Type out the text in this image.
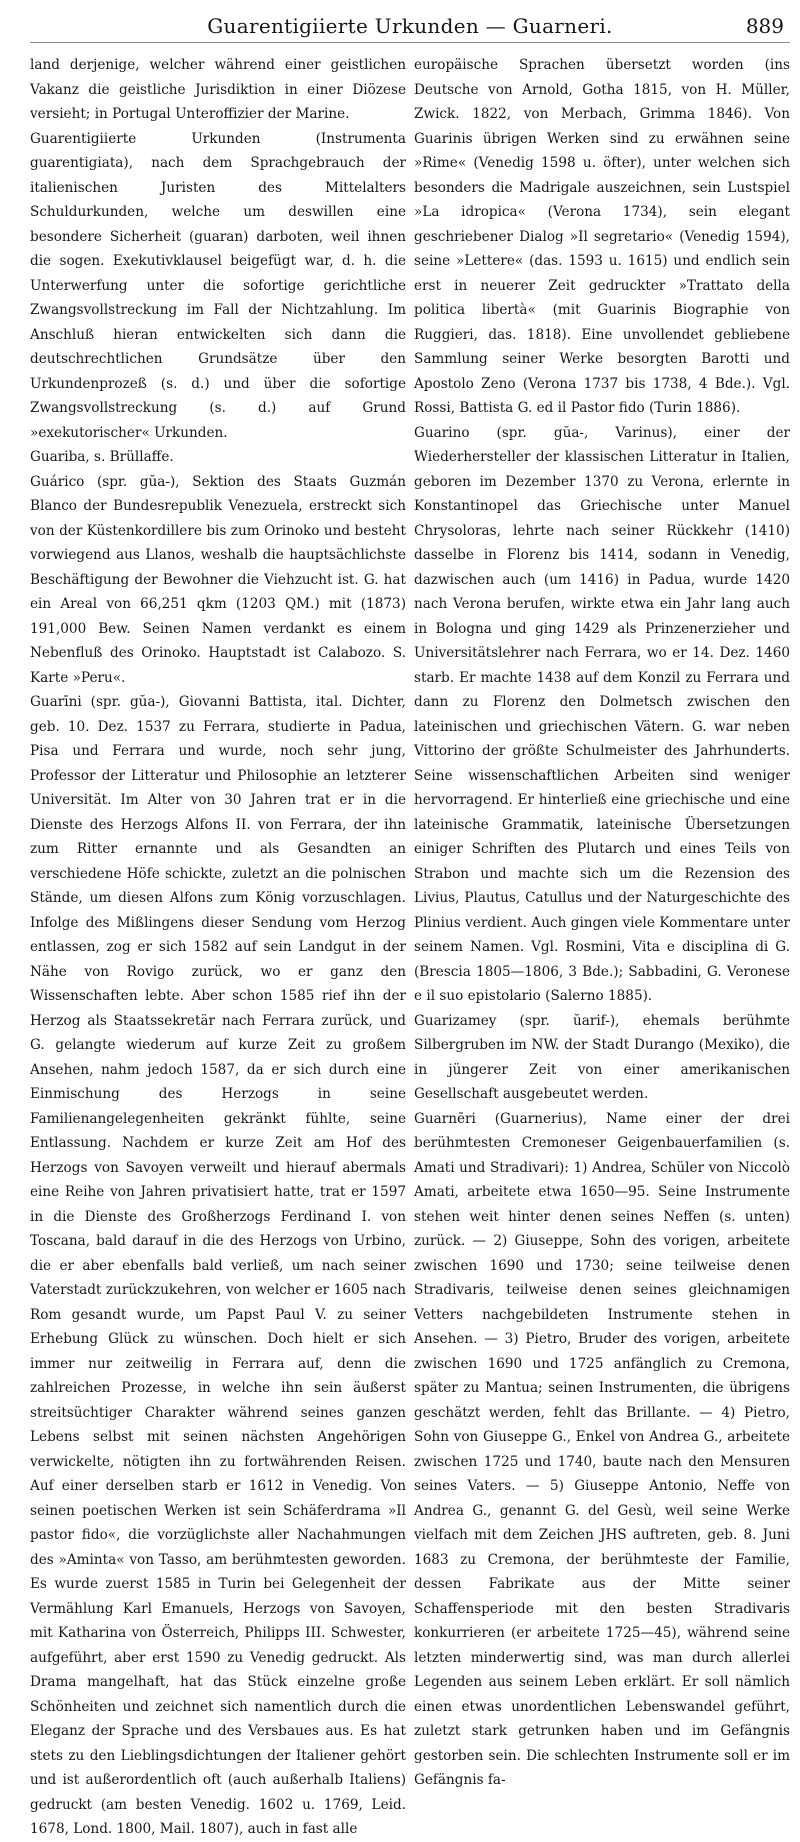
Guarentigiierte Urkunden — Guarneri.	889

land derjenige, welcher während einer geistlichen Vakanz die geistliche Jurisdiktion in einer Diözese versieht; in Portugal Unteroffizier der Marine.

Guarentigiierte Urkunden (Instrumenta guarentigiata), nach dem Sprachgebrauch der italienischen Juristen des Mittelalters Schuldurkunden, welche um deswillen eine besondere Sicherheit (guaran) darboten, weil ihnen die sogen. Exekutivklausel beigefügt war, d. h. die Unterwerfung unter die sofortige gerichtliche Zwangsvollstreckung im Fall der Nichtzahlung. Im Anschluß hieran entwickelten sich dann die deutschrechtlichen Grundsätze über den Urkundenprozeß (s. d.) und über die sofortige Zwangsvollstreckung (s. d.) auf Grund »exekutorischer« Urkunden.

Guariba, s. Brüllaffe.

Guárico (spr. gŭa-), Sektion des Staats Guzmán Blanco der Bundesrepublik Venezuela, erstreckt sich von der Küstenkordillere bis zum Orinoko und besteht vorwiegend aus Llanos, weshalb die hauptsächlichste Beschäftigung der Bewohner die Viehzucht ist. G. hat ein Areal von 66,251 qkm (1203 QM.) mit (1873) 191,000 Bew. Seinen Namen verdankt es einem Nebenfluß des Orinoko. Hauptstadt ist Calabozo. S. Karte »Peru«.

Guarīni (spr. gŭa-), Giovanni Battista, ital. Dichter, geb. 10. Dez. 1537 zu Ferrara, studierte in Padua, Pisa und Ferrara und wurde, noch sehr jung, Professor der Litteratur und Philosophie an letzterer Universität. Im Alter von 30 Jahren trat er in die Dienste des Herzogs Alfons II. von Ferrara, der ihn zum Ritter ernannte und als Gesandten an verschiedene Höfe schickte, zuletzt an die polnischen Stände, um diesen Alfons zum König vorzuschlagen. Infolge des Mißlingens dieser Sendung vom Herzog entlassen, zog er sich 1582 auf sein Landgut in der Nähe von Rovigo zurück, wo er ganz den Wissenschaften lebte. Aber schon 1585 rief ihn der Herzog als Staatssekretär nach Ferrara zurück, und G. gelangte wiederum auf kurze Zeit zu großem Ansehen, nahm jedoch 1587, da er sich durch eine Einmischung des Herzogs in seine Familienangelegenheiten gekränkt fühlte, seine Entlassung. Nachdem er kurze Zeit am Hof des Herzogs von Savoyen verweilt und hierauf abermals eine Reihe von Jahren privatisiert hatte, trat er 1597 in die Dienste des Großherzogs Ferdinand I. von Toscana, bald darauf in die des Herzogs von Urbino, die er aber ebenfalls bald verließ, um nach seiner Vaterstadt zurückzukehren, von welcher er 1605 nach Rom gesandt wurde, um Papst Paul V. zu seiner Erhebung Glück zu wünschen. Doch hielt er sich immer nur zeitweilig in Ferrara auf, denn die zahlreichen Prozesse, in welche ihn sein äußerst streitsüchtiger Charakter während seines ganzen Lebens selbst mit seinen nächsten Angehörigen verwickelte, nötigten ihn zu fortwährenden Reisen. Auf einer derselben starb er 1612 in Venedig. Von seinen poetischen Werken ist sein Schäferdrama »Il pastor fido«, die vorzüglichste aller Nachahmungen des »Aminta« von Tasso, am berühmtesten geworden. Es wurde zuerst 1585 in Turin bei Gelegenheit der Vermählung Karl Emanuels, Herzogs von Savoyen, mit Katharina von Österreich, Philipps III. Schwester, aufgeführt, aber erst 1590 zu Venedig gedruckt. Als Drama mangelhaft, hat das Stück einzelne große Schönheiten und zeichnet sich namentlich durch die Eleganz der Sprache und des Versbaues aus. Es hat stets zu den Lieblingsdichtungen der Italiener gehört und ist außerordentlich oft (auch außerhalb Italiens) gedruckt (am besten Venedig. 1602 u. 1769, Leid. 1678, Lond. 1800, Mail. 1807), auch in fast alle

europäische Sprachen übersetzt worden (ins Deutsche von Arnold, Gotha 1815, von H. Müller, Zwick. 1822, von Merbach, Grimma 1846). Von Guarinis übrigen Werken sind zu erwähnen seine »Rime« (Venedig 1598 u. öfter), unter welchen sich besonders die Madrigale auszeichnen, sein Lustspiel »La idropica« (Verona 1734), sein elegant geschriebener Dialog »Il segretario« (Venedig 1594), seine »Lettere« (das. 1593 u. 1615) und endlich sein erst in neuerer Zeit gedruckter »Trattato della politica libertà« (mit Guarinis Biographie von Ruggieri, das. 1818). Eine unvollendet gebliebene Sammlung seiner Werke besorgten Barotti und Apostolo Zeno (Verona 1737 bis 1738, 4 Bde.). Vgl. Rossi, Battista G. ed il Pastor fido (Turin 1886).

Guarino (spr. gŭa-, Varinus), einer der Wiederhersteller der klassischen Litteratur in Italien, geboren im Dezember 1370 zu Verona, erlernte in Konstantinopel das Griechische unter Manuel Chrysoloras, lehrte nach seiner Rückkehr (1410) dasselbe in Florenz bis 1414, sodann in Venedig, dazwischen auch (um 1416) in Padua, wurde 1420 nach Verona berufen, wirkte etwa ein Jahr lang auch in Bologna und ging 1429 als Prinzenerzieher und Universitätslehrer nach Ferrara, wo er 14. Dez. 1460 starb. Er machte 1438 auf dem Konzil zu Ferrara und dann zu Florenz den Dolmetsch zwischen den lateinischen und griechischen Vätern. G. war neben Vittorino der größte Schulmeister des Jahrhunderts. Seine wissenschaftlichen Arbeiten sind weniger hervorragend. Er hinterließ eine griechische und eine lateinische Grammatik, lateinische Übersetzungen einiger Schriften des Plutarch und eines Teils von Strabon und machte sich um die Rezension des Livius, Plautus, Catullus und der Naturgeschichte des Plinius verdient. Auch gingen viele Kommentare unter seinem Namen. Vgl. Rosmini, Vita e disciplina di G. (Brescia 1805—1806, 3 Bde.); Sabbadini, G. Veronese e il suo epistolario (Salerno 1885).

Guarizamey (spr. ŭarif-), ehemals berühmte Silbergruben im NW. der Stadt Durango (Mexiko), die in jüngerer Zeit von einer amerikanischen Gesellschaft ausgebeutet werden.

Guarnēri (Guarnerius), Name einer der drei berühmtesten Cremoneser Geigenbauerfamilien (s. Amati und Stradivari): 1) Andrea, Schüler von Niccolò Amati, arbeitete etwa 1650—95. Seine Instrumente stehen weit hinter denen seines Neffen (s. unten) zurück. — 2) Giuseppe, Sohn des vorigen, arbeitete zwischen 1690 und 1730; seine teilweise denen Stradivaris, teilweise denen seines gleichnamigen Vetters nachgebildeten Instrumente stehen in Ansehen. — 3) Pietro, Bruder des vorigen, arbeitete zwischen 1690 und 1725 anfänglich zu Cremona, später zu Mantua; seinen Instrumenten, die übrigens geschätzt werden, fehlt das Brillante. — 4) Pietro, Sohn von Giuseppe G., Enkel von Andrea G., arbeitete zwischen 1725 und 1740, baute nach den Mensuren seines Vaters. — 5) Giuseppe Antonio, Neffe von Andrea G., genannt G. del Gesù, weil seine Werke vielfach mit dem Zeichen JHS auftreten, geb. 8. Juni 1683 zu Cremona, der berühmteste der Familie, dessen Fabrikate aus der Mitte seiner Schaffensperiode mit den besten Stradivaris konkurrieren (er arbeitete 1725—45), während seine letzten minderwertig sind, was man durch allerlei Legenden aus seinem Leben erklärt. Er soll nämlich einen etwas unordentlichen Lebenswandel geführt, zuletzt stark getrunken haben und im Gefängnis gestorben sein. Die schlechten Instrumente soll er im Gefängnis fa-
